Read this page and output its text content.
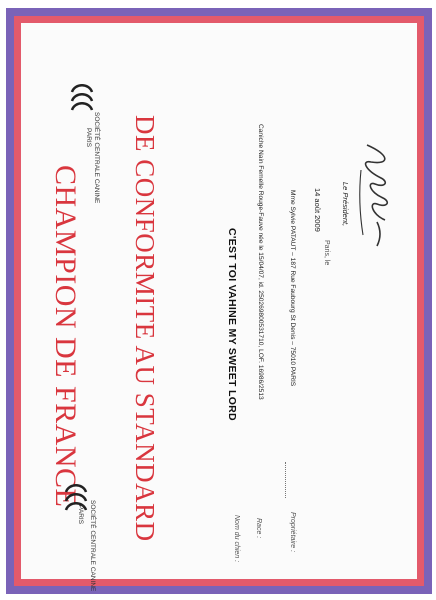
SOCIÉTÉ CENTRALE CANINE
PARIS
CHAMPION DE FRANCE DE CONFORMITE AU STANDARD
SOCIÉTÉ CENTRALE CANINE
PARIS
Nom du chien :
C'EST TOI VAHINE MY SWEET LORD
Race :
Caniche Nain Femelle Rouge-Fauve née le 15/04/07, id. 250269800531710, LOF. 16986/2513
Propriétaire :
Mme Sylvie PATAUT – 187 Rue Faubourg St Denis – 75010 PARIS	Paris, le
14 août 2009	Le Président,
